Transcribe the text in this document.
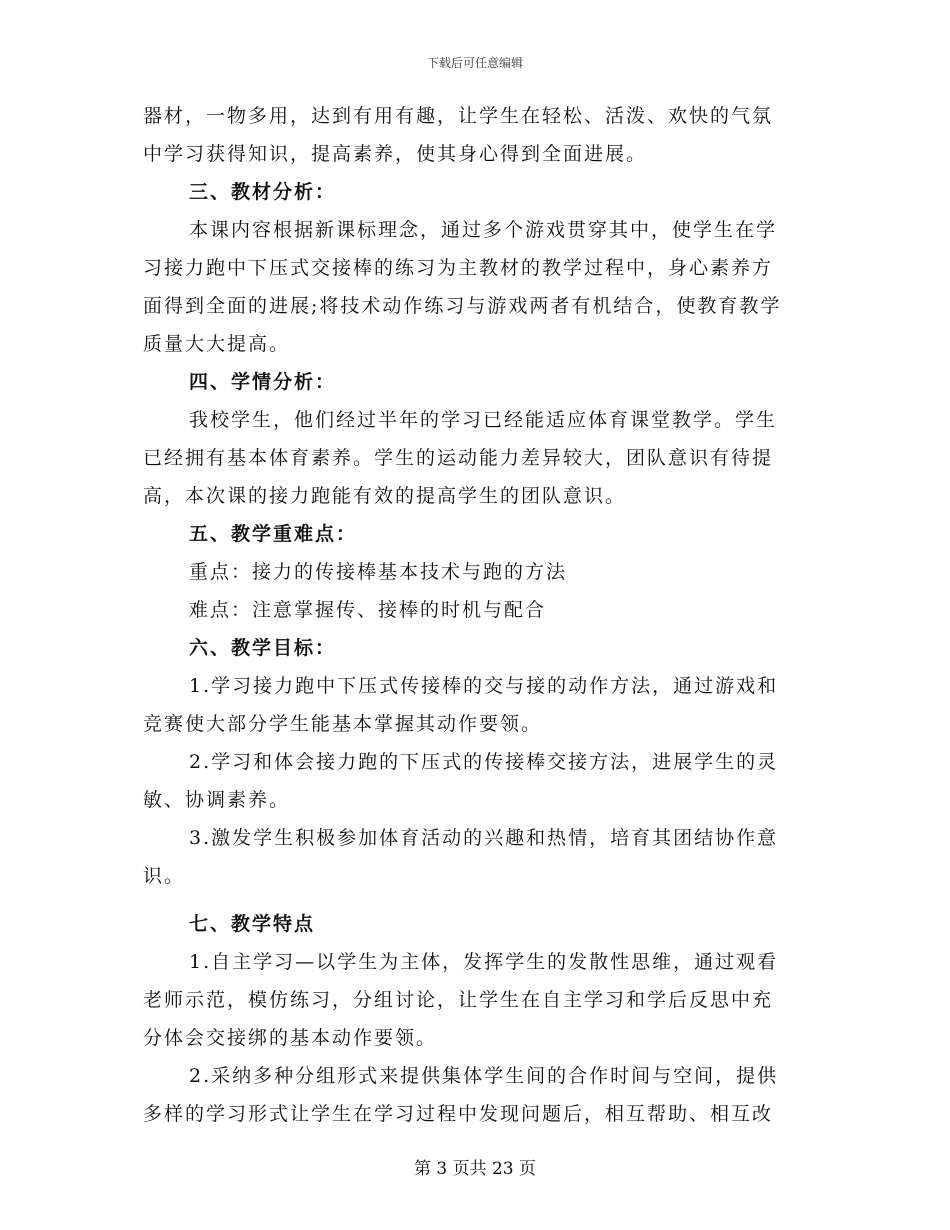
下载后可任意编辑

器材，一物多用，达到有用有趣，让学生在轻松、活泼、欢快的气氛
中学习获得知识，提高素养，使其身心得到全面进展。

三、教材分析：

本课内容根据新课标理念，通过多个游戏贯穿其中，使学生在学
习接力跑中下压式交接棒的练习为主教材的教学过程中，身心素养方
面得到全面的进展;将技术动作练习与游戏两者有机结合，使教育教学
质量大大提高。

四、学情分析：

我校学生，他们经过半年的学习已经能适应体育课堂教学。学生
已经拥有基本体育素养。学生的运动能力差异较大，团队意识有待提
高，本次课的接力跑能有效的提高学生的团队意识。

五、教学重难点：

重点：接力的传接棒基本技术与跑的方法

难点：注意掌握传、接棒的时机与配合

六、教学目标：

1.学习接力跑中下压式传接棒的交与接的动作方法，通过游戏和
竞赛使大部分学生能基本掌握其动作要领。

2.学习和体会接力跑的下压式的传接棒交接方法，进展学生的灵
敏、协调素养。

3.激发学生积极参加体育活动的兴趣和热情，培育其团结协作意
识。

七、教学特点

1.自主学习—以学生为主体，发挥学生的发散性思维，通过观看
老师示范，模仿练习，分组讨论，让学生在自主学习和学后反思中充
分体会交接绑的基本动作要领。

2.采纳多种分组形式来提供集体学生间的合作时间与空间，提供
多样的学习形式让学生在学习过程中发现问题后，相互帮助、相互改

第 3 页共 23 页
